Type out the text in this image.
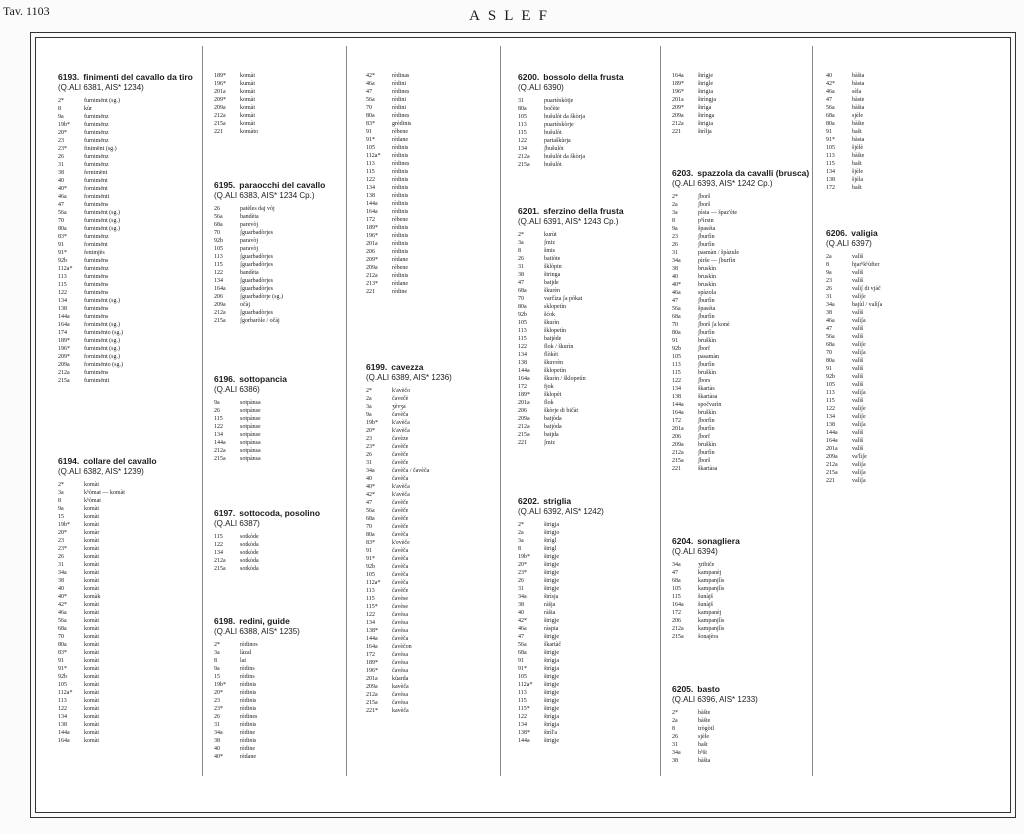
Tav. 1103	ASLEF
6193. finimenti del cavallo da tiro
(Q.ALI 6381, AIS* 1234)
2*	furnimënt (sg.)
8	kùr
9a	furnimënz
19b*	furnimënz
20*	furnimënz
23	furnimënz
23*	finimënt (sg.)
26	furnimënz
31	furnimënz
38	fernimënt
40	furnimënt
40*	fornimënt
46a	fornimënti
47	furnimëns
56a	furnimënt (sg.)
70	furnimënt (sg.)
80a	furnimënt (sg.)
83*	furnimënz
91	fornimënt
91*	fenimjës
92b	furnimëns
112a*	furnimënz
113	furnimëns
115	furnimëns
122	furnimëns
134	furnimënt (sg.)
138	furnimëns
144a	furnimëns
164a	fornimënt (sg.)
174	furnimënto (sg.)
189*	furnimënt (sg.)
196*	furnimënt (sg.)
209*	fornimënt (sg.)
209a	fornimënto (sg.)
212a	furnimëns
215a	furnimënti
6194. collare del cavallo
(Q.ALI 6382, AIS* 1239)
2*	komàt
3a	kʰòmat — komàt
8	kʰòmat
9a	komàt
15	komàt
19b*	komàt
20*	komàr
23	komàt
23*	komàt
26	komàt
31	komàt
34a	komàt
38	komàt
40	komàt
40*	komàk
42*	komàt
46a	komàt
56a	komàt
68a	komàt
70	komàt
80a	komàt
83*	komàt
91	komàt
91*	komàt
92b	komàt
105	komàt
112a*	komàt
113	komàt
122	komàt
134	komàt
138	komàt
144a	komàt
164a	komàt
189*	komàt
196*	kumàt
201a	komàt
209*	komàt
209a	komàt
212a	komàt
215a	komàt
221	komàto
6195. paraocchi del cavallo
(Q.ALI 6383, AIS* 1234 Cp.)
26	patèles daj vòj
56a	bandèta
68a	parevòj
70	ʃguarbadòrjes
92b	paravòj
105	paravòj
113	ʃguarbadòrjes
115	ʃguarbadòrjes
122	bandèta
134	ʃguarbadòrjes
164a	ʃguarbadòrjes
206	ʃguarbadòrje (sg.)
209a	očàj
212a	ʃguarbadòrjes
215a	ʃgorbaròle / očàj
6196. sottopancia
(Q.ALI 6386)
9a	sotpànsa
26	sotpànse
115	sotpànse
122	sotpànse
134	sotpànse
144a	sotpànsa
212a	sotpànsa
215a	sotpànsa
6197. sottocoda, posolino
(Q.ALI 6387)
115	sotkòde
122	sotkòda
134	sotkòde
212a	sotkòda
215a	sotkòda
6198. redini, guide
(Q.ALI 6388, AIS* 1235)
2*	rèdinos
3a	làzal
8	lat
9a	rèdins
15	rèdins
19b*	rèdinis
20*	rèdinis
23	rèdinis
23*	rèdinis
26	rèdines
31	rèdinis
34a	rèdine
38	rèdinis
40	rèdine
40*	rèdane
42*	rèdinas
46a	rèdini
47	rèdines
56a	rèdini
70	rèdini
80a	rèdines
83*	grèdinis
91	rèbene
91*	rèdane
105	rèdinis
112a*	rèdinis
113	rèdines
115	rèdinis
122	rèdinis
134	rèdinis
138	rèdinis
144a	rèdinis
164a	rèdinis
172	rèbene
189*	rèdinis
196*	rèdinis
201a	rèdinis
206	rèdinis
209*	rèdane
209a	rèbene
212a	rèdinis
213*	rèdane
221	rèdine
6199. cavezza
(Q.ALI 6389, AIS* 1236)
2*	k'avèčo
2a	čavečè
3a	ʒèvʒa
9a	čavèča
19b*	k'avèča
20*	k'avèča
23	čavèze
23*	čavèče
26	čavèče
31	čavèče
34a	čavèča / čavèča
40	čavèča
40*	k'avèča
42*	k'avèča
47	čavèče
56a	čavèče
68a	čavèče
70	čavèče
80a	čavèča
83*	k'evèče
91	čavèča
91*	čavèča
92b	čavèča
105	čavèča
112a*	čavèča
113	čavèče
115	čavèse
115*	čavèse
122	čavèsa
134	čavèsa
138*	čavèsa
144a	čavèča
164a	čavèčon
172	čavèsa
189*	čavèsa
196*	čavèsa
201a	kùarda
209a	kavèča
212a	čavèsa
215a	čavèsa
221*	kavèča
6200. bossolo della frusta
(Q.ALI 6390)
31	puartèskòtje
80a	bočète
105	bušulòt da škòrja
113	puartèskòrje
115	bušulòt
122	partaškùrja
134	ʃbušulòt
212a	bušulòt da škòrja
215a	bušulòt
6201. sferzino della frusta
(Q.ALI 6391, AIS* 1243 Cp.)
2*	kurùt
3a	ʃmiz
8	šmis
26	batiòte
31	šklòpin
38	štringa
47	batjde
68a	škurèn
70	varčìza ʃa pòkat
80a	sklopetìn
92b	šćok
105	škurìn
113	šklopetìn
115	batjède
122	flok / škurìn
134	flòkèt
138	škuvrèn
144a	šklopetìn
164a	škurìn / šklopetìn
172	fjok
189*	šklopèt
201a	flok
206	škòrje di bičàt
209a	batjòda
212a	batjòda
215a	batjda
221	ʃmiz
6202. striglia
(Q.ALI 6392, AIS* 1242)
2*	štrigja
2a	štrigjo
3a	štrìgl
8	štrigl
19b*	štrigje
20*	štrigje
23*	štrigje
26	štrigje
31	štrigje
34a	štrìsja
38	ràšja
40	ràšia
42*	štrigje
46a	ràspia
47	štrigje
56a	škartàč
68a	štrigje
91	štrìgja
91*	štrìgja
105	štrigje
112a*	štrigje
113	štrigje
115	štrigje
115*	štrigje
122	štrìgja
134	štrìgja
138*	štrìl'a
144a	štrigje
164a	štrìgje
189*	štrigle
196*	štrigia
201a	štrìngja
209*	štrìga
209a	štrìnga
212a	štrigia
221	štrìlja
6203. spazzola da cavalli (brusca)
(Q.ALI 6393, AIS* 1242 Cp.)
2*	ʃborš
2a	ʃborš
3a	pìsta — špaz'ète
8	pʰìrstn
9a	špaséta
23	ʃburfìn
26	ʃburfìn
31	pasmàn / špàzule
34a	pìrše — ʃburfìn
38	bruskìn
40	bruskìn
40*	bruskìn
46a	spàzola
47	ʃburfìn
56a	špaséta
68a	ʃburfìn
70	ʃborš ʃa konè
80a	ʃburfìn
91	bruškìn
92b	ʃborf
105	pasamàn
113	ʃburfìn
115	bruškìn
122	ʃbors
134	škartàs
138	škartàsa
144a	spočvarìn
164a	bruškìn
172	ʃborfìn
201a	ʃburfìn
206	ʃborf
209a	bruškìn
212a	ʃburfìn
215a	ʃborš
221	škartàsa
6204. sonagliera
(Q.ALI 6394)
34a	ʒribiče
47	kampanèj
68a	kampanjlìs
105	kampanjlìs
115	šunàjš
164a	šunàjš
172	kampanèj
206	kampanjlìs
212a	kampanjlìs
215a	šonajèra
6205. basto
(Q.ALI 6396, AIS* 1233)
2*	bàšte
2a	bàšte
8	trògòtl
26	sjèle
31	bašt
34a	bʰšt
38	bàšta
40	bàšta
42*	bàsta
46a	sèla
47	bàste
56a	bàšta
68a	sjèle
80a	bàšte
91	bašt
91*	bàsta
105	šjèlè
113	bàšte
115	bašt
134	šjèle
138	šjèla
172	bašt
6206. valigia
(Q.ALI 6397)
2a	valìš
8	hjarʰkʰùfter
9a	valìš
23	valìš
26	valìʃ di vjàč
31	valìʃe
34a	bajùl / valìʃa
38	valìš
46a	valìʃa
47	valìš
56a	valìš
68a	valìʃe
70	valìʃa
80a	valìš
91	valìš
92b	valìš
105	valìš
113	valìʃa
115	valìš
122	valìʃe
134	valìʃe
138	valìʃa
144a	valìš
164a	valìš
201a	valìš
209a	va'lìʃe
212a	valìʃa
215a	valìʃa
221	valìʃa
